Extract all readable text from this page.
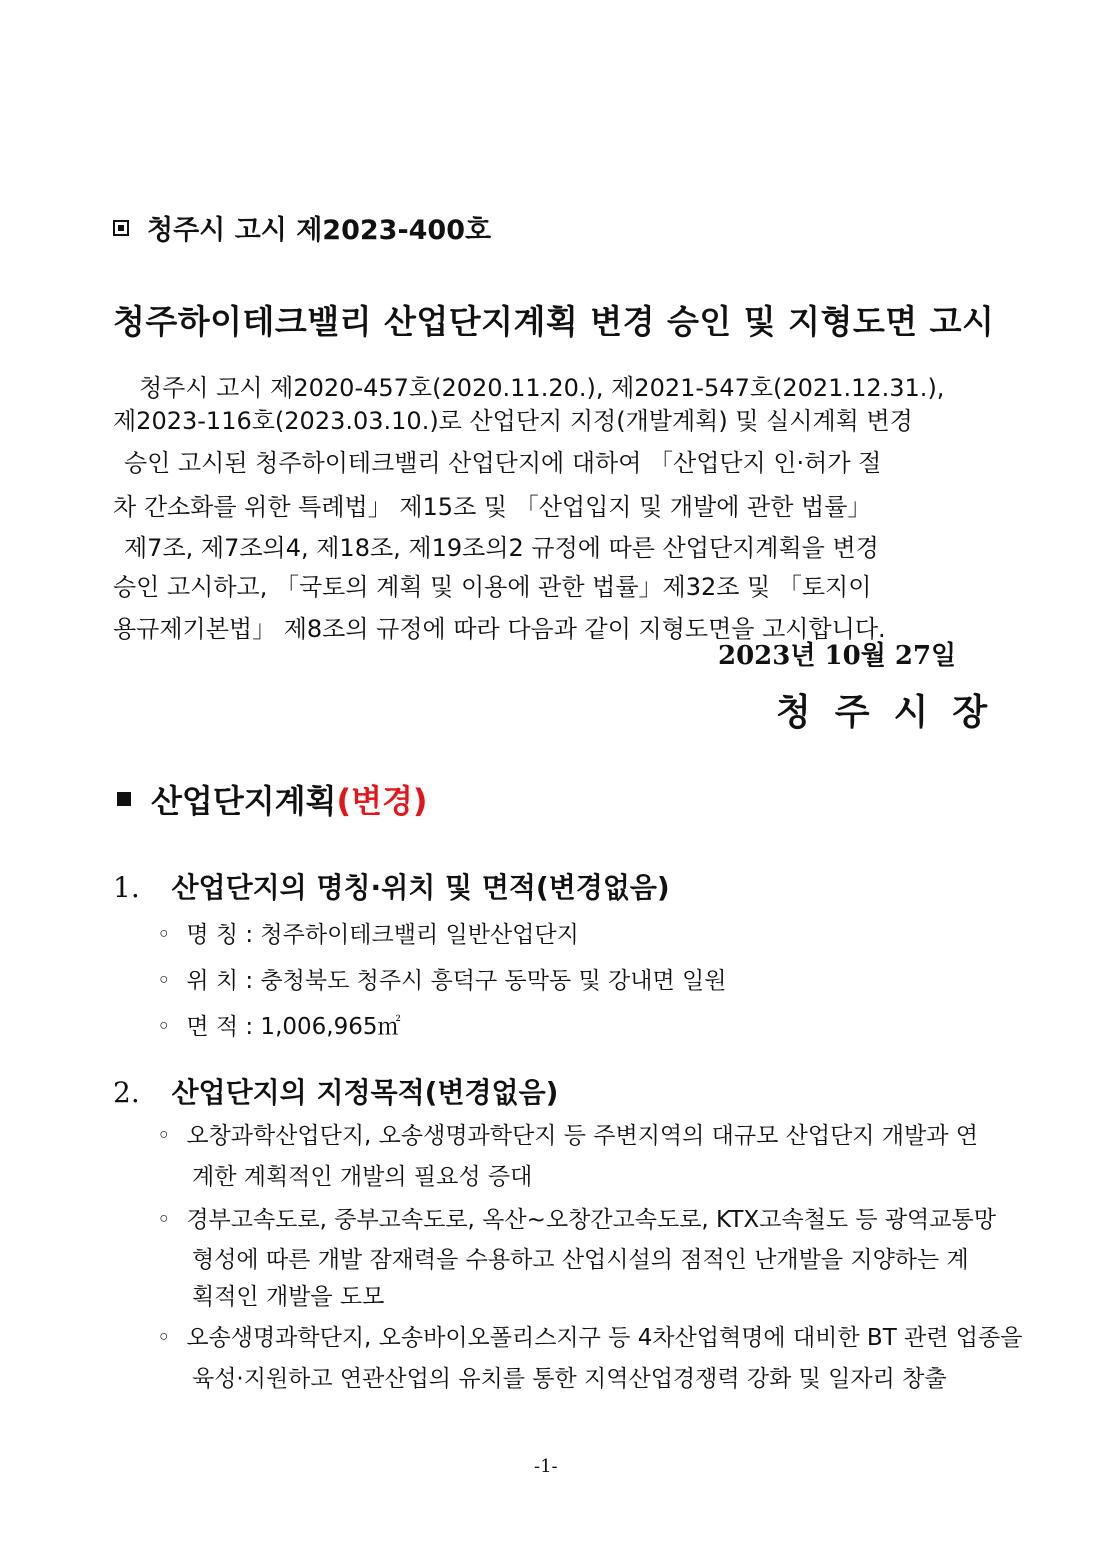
청주시 고시 제2023-400호
청주하이테크밸리 산업단지계획 변경 승인 및 지형도면 고시
청주시 고시 제2020-457호(2020.11.20.), 제2021-547호(2021.12.31.),
제2023-116호(2023.03.10.)로 산업단지 지정(개발계획) 및 실시계획 변경
승인 고시된 청주하이테크밸리 산업단지에 대하여 「산업단지 인·허가 절
차 간소화를 위한 특례법」 제15조 및 「산업입지 및 개발에 관한 법률」
제7조, 제7조의4, 제18조, 제19조의2 규정에 따른 산업단지계획을 변경
승인 고시하고, 「국토의 계획 및 이용에 관한 법률」제32조 및 「토지이
용규제기본법」 제8조의 규정에 따라 다음과 같이 지형도면을 고시합니다.
2023년 10월 27일
청주시장
산업단지계획 (변경)
1. 산업단지의 명칭·위치 및 면적(변경없음)
◦ 명 칭 : 청주하이테크밸리 일반산업단지
◦ 위 치 : 충청북도 청주시 흥덕구 동막동 및 강내면 일원
◦ 면 적 : 1,006,965㎡
2. 산업단지의 지정목적(변경없음)
◦ 오창과학산업단지, 오송생명과학단지 등 주변지역의 대규모 산업단지 개발과 연
계한 계획적인 개발의 필요성 증대
◦ 경부고속도로, 중부고속도로, 옥산~오창간고속도로, KTX고속철도 등 광역교통망
형성에 따른 개발 잠재력을 수용하고 산업시설의 점적인 난개발을 지양하는 계
획적인 개발을 도모
◦ 오송생명과학단지, 오송바이오폴리스지구 등 4차산업혁명에 대비한 BT 관련 업종을
육성·지원하고 연관산업의 유치를 통한 지역산업경쟁력 강화 및 일자리 창출
-1-
